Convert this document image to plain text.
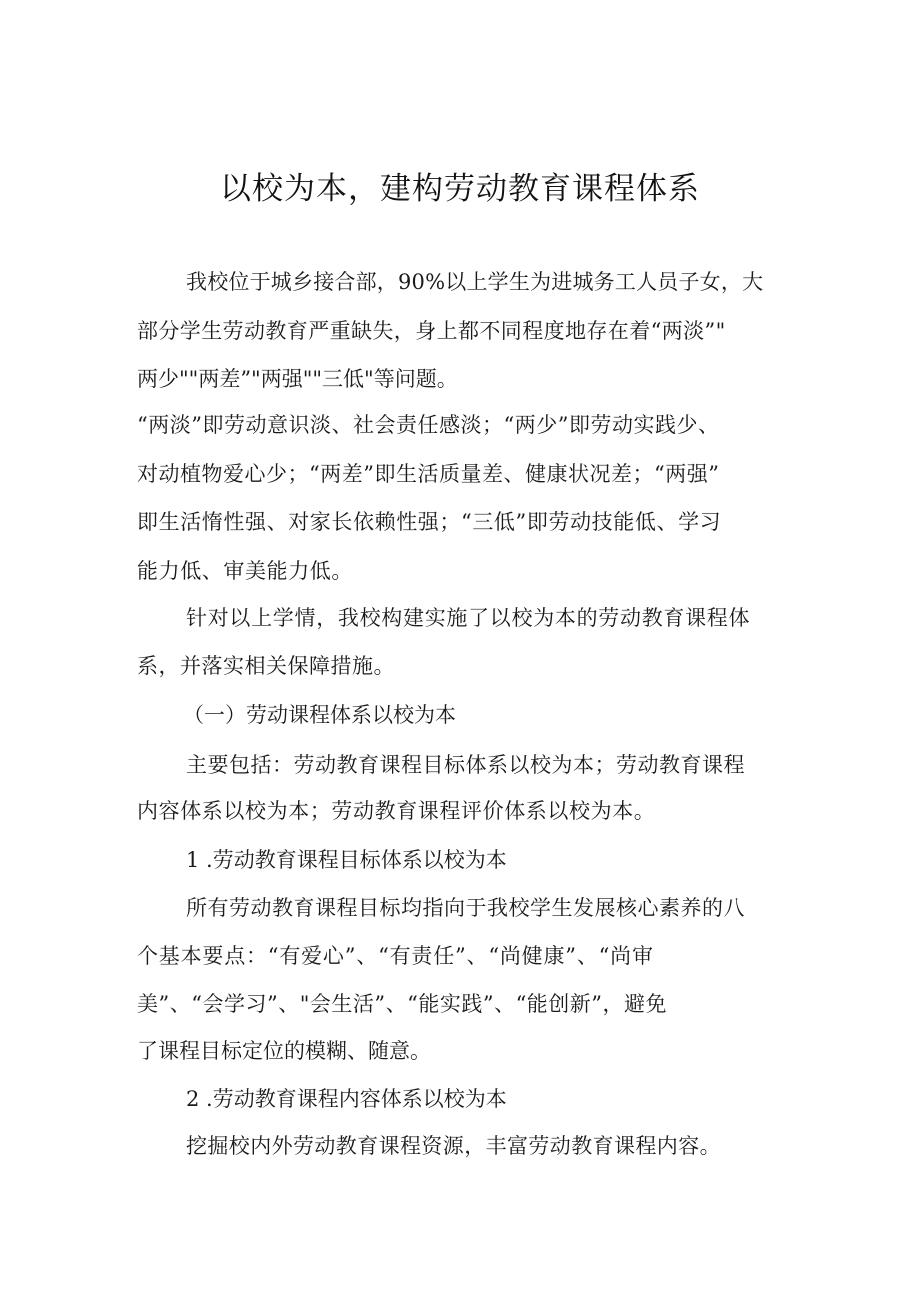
以校为本，建构劳动教育课程体系
我校位于城乡接合部，90%以上学生为进城务工人员子女，大
部分学生劳动教育严重缺失，身上都不同程度地存在着“两淡”"
两少""两差”"两强""三低"等问题。
“两淡”即劳动意识淡、社会责任感淡；“两少”即劳动实践少、
对动植物爱心少；“两差”即生活质量差、健康状况差；“两强”
即生活惰性强、对家长依赖性强；“三低”即劳动技能低、学习
能力低、审美能力低。
针对以上学情，我校构建实施了以校为本的劳动教育课程体
系，并落实相关保障措施。
（一）劳动课程体系以校为本
主要包括：劳动教育课程目标体系以校为本；劳动教育课程
内容体系以校为本；劳动教育课程评价体系以校为本。
1 .劳动教育课程目标体系以校为本
所有劳动教育课程目标均指向于我校学生发展核心素养的八
个基本要点：“有爱心”、“有责任”、“尚健康”、“尚审
美”、“会学习”、"会生活”、“能实践”、“能创新”，避免
了课程目标定位的模糊、随意。
2 .劳动教育课程内容体系以校为本
挖掘校内外劳动教育课程资源，丰富劳动教育课程内容。
